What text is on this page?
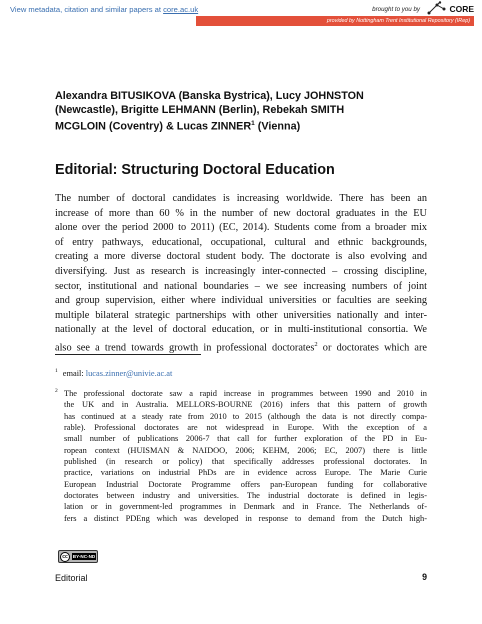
View metadata, citation and similar papers at core.ac.uk	brought to you by	CORE
provided by Nottingham Trent Institutional Repository (IRep)
Alexandra BITUSIKOVA (Banska Bystrica), Lucy JOHNSTON
(Newcastle), Brigitte LEHMANN (Berlin), Rebekah SMITH
MCGLOIN (Coventry) & Lucas ZINNER$^1$ (Vienna)
Editorial: Structuring Doctoral Education
The number of doctoral candidates is increasing worldwide. There has been an
increase of more than 60 % in the number of new doctoral graduates in the EU
alone over the period 2000 to 2011) (EC, 2014). Students come from a broader mix
of entry pathways, educational, occupational, cultural and ethnic backgrounds,
creating a more diverse doctoral student body. The doctorate is also evolving and
diversifying. Just as research is increasingly inter-connected – crossing discipline,
sector, institutional and national boundaries – we see increasing numbers of joint
and group supervision, either where individual universities or faculties are seeking
multiple bilateral strategic partnerships with other universities nationally and inter-
nationally at the level of doctoral education, or in multi-institutional consortia. We
also see a trend towards growth in professional doctorates$^2$ or doctorates which are
$^1$ email: lucas.zinner@univie.ac.at
2 The professional doctorate saw a rapid increase in programmes between 1990 and 2010 in
the UK and in Australia. MELLORS-BOURNE (2016) infers that this pattern of growth
has continued at a steady rate from 2010 to 2015 (although the data is not directly compa-
rable). Professional doctorates are not widespread in Europe. With the exception of a
small number of publications 2006-7 that call for further exploration of the PD in Eu-
ropean context (HUISMAN & NAIDOO, 2006; KEHM, 2006; EC, 2007) there is little
published (in research or policy) that specifically addresses professional doctorates. In
practice, variations on industrial PhDs are in evidence across Europe. The Marie Curie
European Industrial Doctorate Programme offers pan-European funding for collaborative
doctorates between industry and universities. The industrial doctorate is defined in legis-
lation or in government-led programmes in Denmark and in France. The Netherlands of-
fers a distinct PDEng which was developed in response to demand from the Dutch high-
cc	BY-NC-ND
Editorial	9
